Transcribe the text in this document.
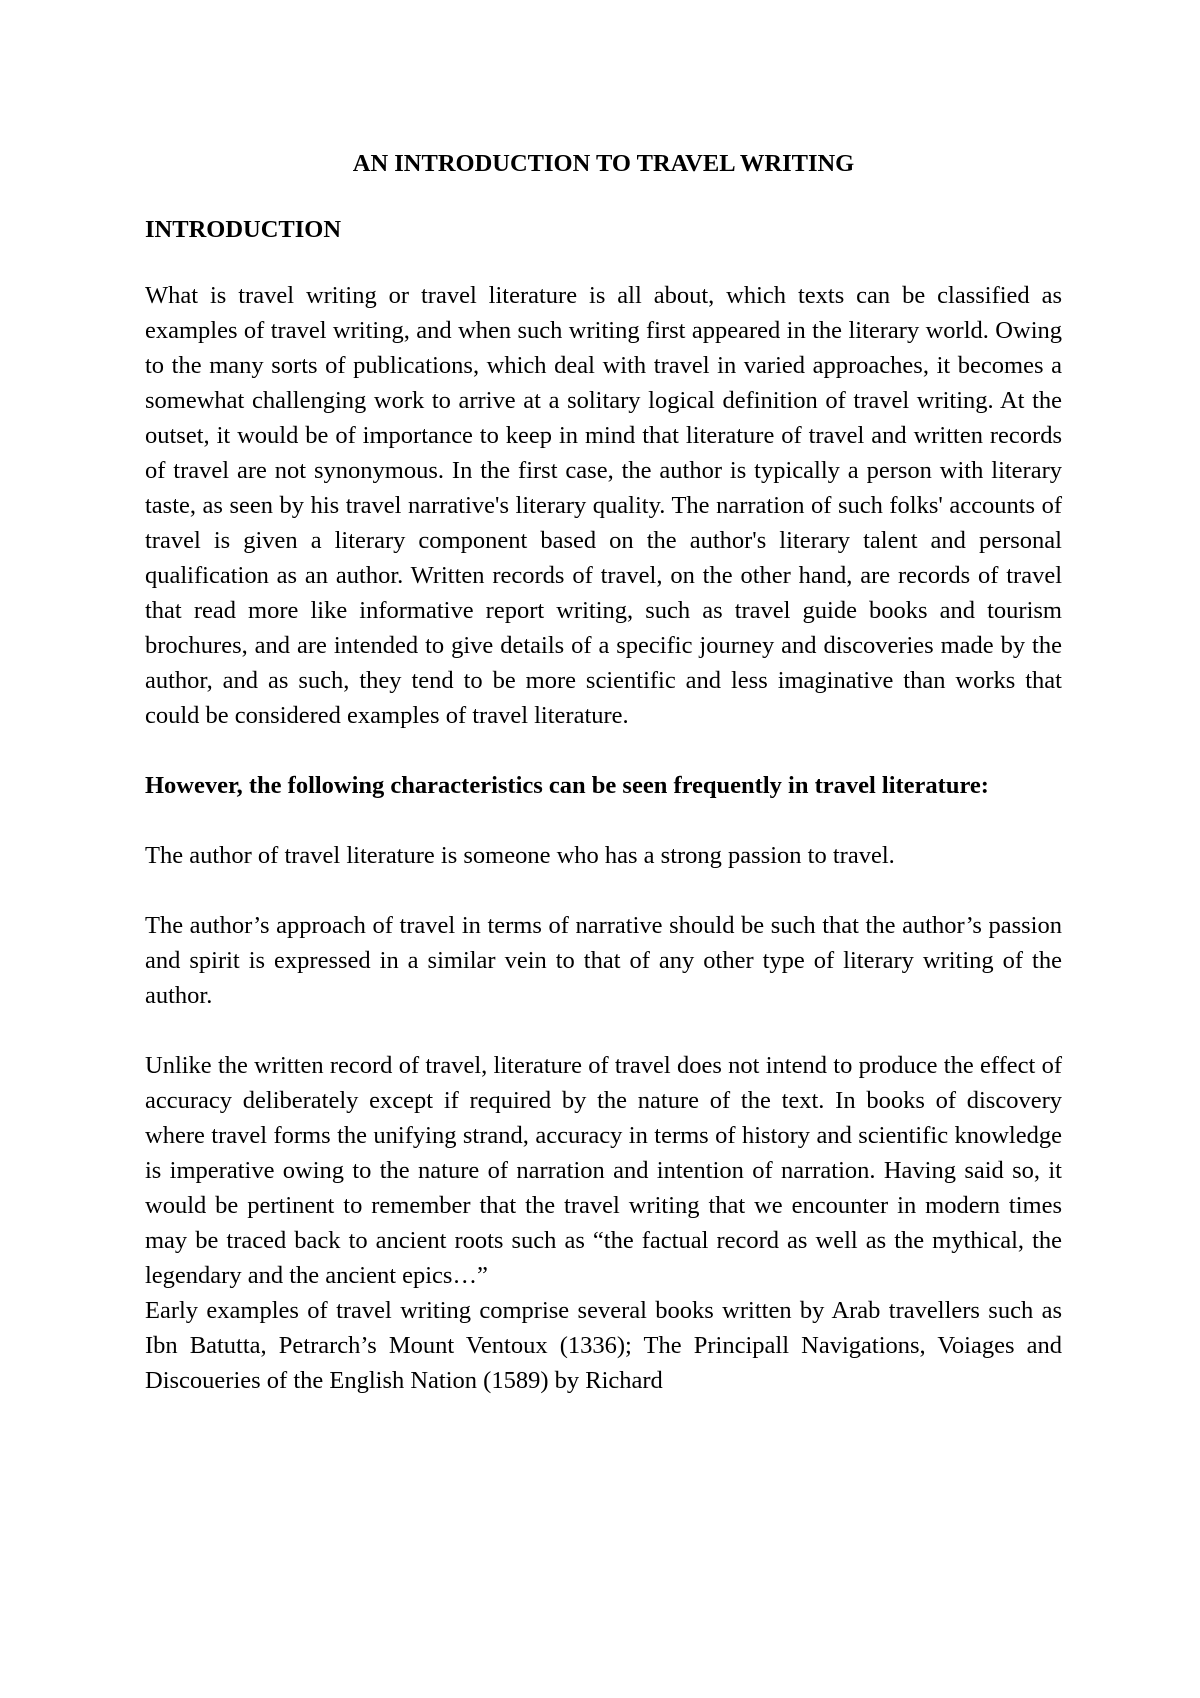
AN INTRODUCTION TO TRAVEL WRITING
INTRODUCTION

What is travel writing or travel literature is all about, which texts can be classified as examples of travel writing, and when such writing first appeared in the literary world. Owing to the many sorts of publications, which deal with travel in varied approaches, it becomes a somewhat challenging work to arrive at a solitary logical definition of travel writing. At the outset, it would be of importance to keep in mind that literature of travel and written records of travel are not synonymous. In the first case, the author is typically a person with literary taste, as seen by his travel narrative's literary quality. The narration of such folks' accounts of travel is given a literary component based on the author's literary talent and personal qualification as an author. Written records of travel, on the other hand, are records of travel that read more like informative report writing, such as travel guide books and tourism brochures, and are intended to give details of a specific journey and discoveries made by the author, and as such, they tend to be more scientific and less imaginative than works that could be considered examples of travel literature.

However, the following characteristics can be seen frequently in travel literature:

The author of travel literature is someone who has a strong passion to travel.

The author’s approach of travel in terms of narrative should be such that the author’s passion and spirit is expressed in a similar vein to that of any other type of literary writing of the author.

Unlike the written record of travel, literature of travel does not intend to produce the effect of accuracy deliberately except if required by the nature of the text. In books of discovery where travel forms the unifying strand, accuracy in terms of history and scientific knowledge is imperative owing to the nature of narration and intention of narration. Having said so, it would be pertinent to remember that the travel writing that we encounter in modern times may be traced back to ancient roots such as “the factual record as well as the mythical, the legendary and the ancient epics…”

Early examples of travel writing comprise several books written by Arab travellers such as Ibn Batutta, Petrarch’s Mount Ventoux (1336); The Principall Navigations, Voiages and Discoueries of the English Nation (1589) by Richard
